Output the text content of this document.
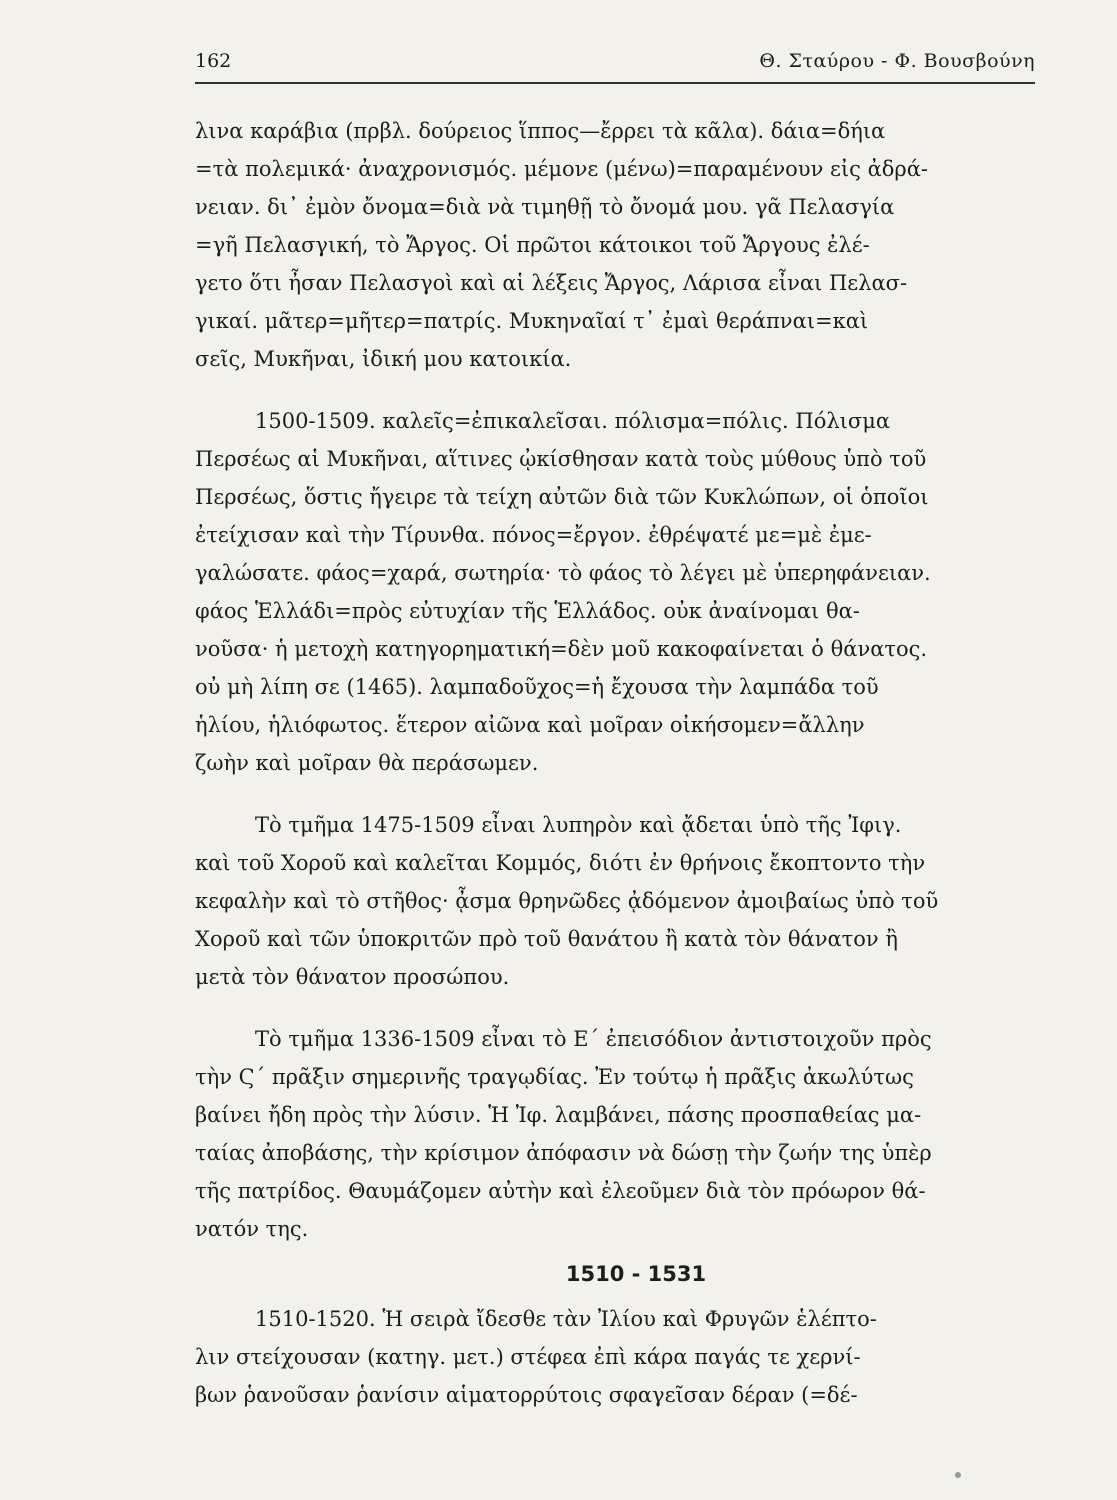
162	Θ. Σταύρου - Φ. Βουσβούνη
λινα καράβια (πρβλ. δούρειος ἵππος—ἔρρει τὰ κᾶλα). δάια=δήια
=τὰ πολεμικά· ἀναχρονισμός. μέμονε (μένω)=παραμένουν εἰς ἀδρά-
νειαν. δι᾽ ἐμὸν ὄνομα=διὰ νὰ τιμηθῇ τὸ ὄνομά μου. γᾶ Πελασγία
=γῆ Πελασγική, τὸ Ἄργος. Οἱ πρῶτοι κάτοικοι τοῦ Ἄργους ἐλέ-
γετο ὅτι ἦσαν Πελασγοὶ καὶ αἱ λέξεις Ἄργος, Λάρισα εἶναι Πελασ-
γικαί. μᾶτερ=μῆτερ=πατρίς. Μυκηναῖαί τ᾽ ἐμαὶ θεράπναι=καὶ
σεῖς, Μυκῆναι, ἰδική μου κατοικία.
1500-1509. καλεῖς=ἐπικαλεῖσαι. πόλισμα=πόλις. Πόλισμα
Περσέως αἱ Μυκῆναι, αἵτινες ᾠκίσθησαν κατὰ τοὺς μύθους ὑπὸ τοῦ
Περσέως, ὅστις ἤγειρε τὰ τείχη αὐτῶν διὰ τῶν Κυκλώπων, οἱ ὁποῖοι
ἐτείχισαν καὶ τὴν Τίρυνθα. πόνος=ἔργον. ἐθρέψατέ με=μὲ ἐμε-
γαλώσατε. φάος=χαρά, σωτηρία· τὸ φάος τὸ λέγει μὲ ὑπερηφάνειαν.
φάος Ἑλλάδι=πρὸς εὐτυχίαν τῆς Ἑλλάδος. οὐκ ἀναίνομαι θα-
νοῦσα· ἡ μετοχὴ κατηγορηματική=δὲν μοῦ κακοφαίνεται ὁ θάνατος.
οὐ μὴ λίπη σε (1465). λαμπαδοῦχος=ἡ ἔχουσα τὴν λαμπάδα τοῦ
ἡλίου, ἡλιόφωτος. ἕτερον αἰῶνα καὶ μοῖραν οἰκήσομεν=ἄλλην
ζωὴν καὶ μοῖραν θὰ περάσωμεν.
Τὸ τμῆμα 1475-1509 εἶναι λυπηρὸν καὶ ᾄδεται ὑπὸ τῆς Ἰφιγ.
καὶ τοῦ Χοροῦ καὶ καλεῖται Κομμός, διότι ἐν θρήνοις ἔκοπτοντο τὴν
κεφαλὴν καὶ τὸ στῆθος· ᾆσμα θρηνῶδες ᾀδόμενον ἀμοιβαίως ὑπὸ τοῦ
Χοροῦ καὶ τῶν ὑποκριτῶν πρὸ τοῦ θανάτου ἢ κατὰ τὸν θάνατον ἢ
μετὰ τὸν θάνατον προσώπου.
Τὸ τμῆμα 1336-1509 εἶναι τὸ Ε´ ἐπεισόδιον ἀντιστοιχοῦν πρὸς
τὴν Ϛ´ πρᾶξιν σημερινῆς τραγῳδίας. Ἐν τούτῳ ἡ πρᾶξις ἀκωλύτως
βαίνει ἤδη πρὸς τὴν λύσιν. Ἡ Ἰφ. λαμβάνει, πάσης προσπαθείας μα-
ταίας ἀποβάσης, τὴν κρίσιμον ἀπόφασιν νὰ δώσῃ τὴν ζωήν της ὑπὲρ
τῆς πατρίδος. Θαυμάζομεν αὐτὴν καὶ ἐλεοῦμεν διὰ τὸν πρόωρον θά-
νατόν της.
1510 - 1531
1510-1520. Ἡ σειρὰ ἴδεσθε τὰν Ἰλίου καὶ Φρυγῶν ἑλέπτο-
λιν στείχουσαν (κατηγ. μετ.) στέφεα ἐπὶ κάρα παγάς τε χερνί-
βων ῥανοῦσαν ῥανίσιν αἱματορρύτοις σφαγεῖσαν δέραν (=δέ-
